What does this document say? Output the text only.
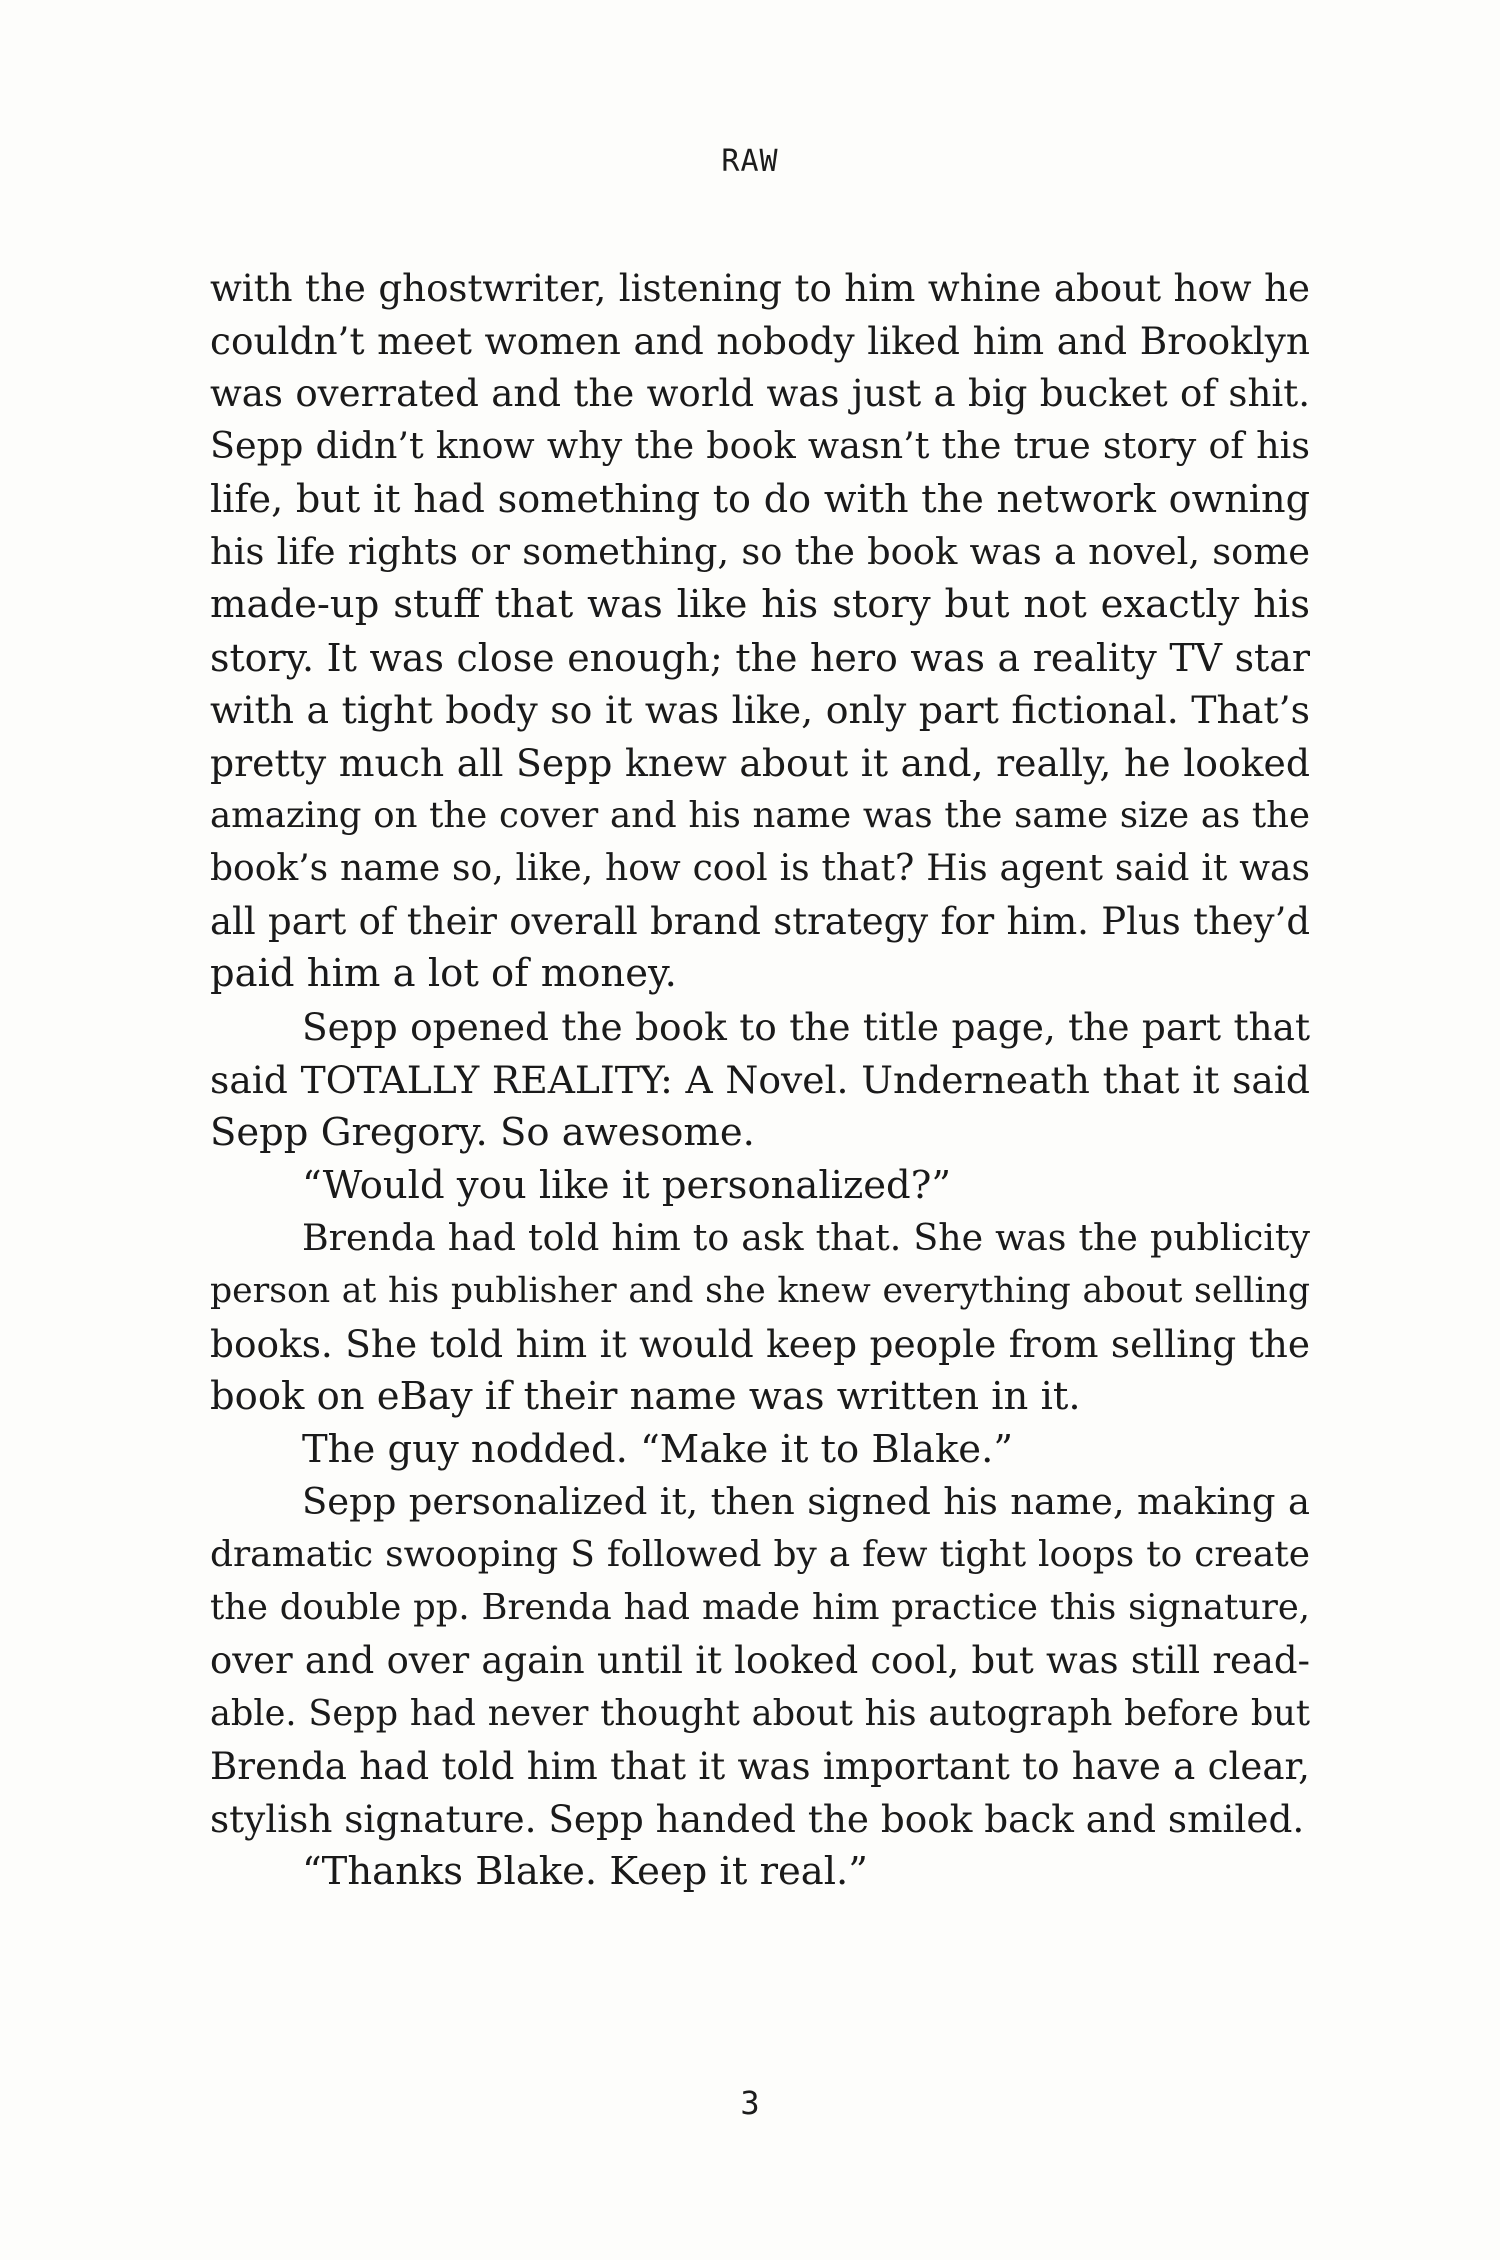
RAW
with the ghostwriter, listening to him whine about how he
couldn’t meet women and nobody liked him and Brooklyn
was overrated and the world was just a big bucket of shit.
Sepp didn’t know why the book wasn’t the true story of his
life, but it had something to do with the network owning
his life rights or something, so the book was a novel, some
made-up stuff that was like his story but not exactly his
story. It was close enough; the hero was a reality TV star
with a tight body so it was like, only part fictional. That’s
pretty much all Sepp knew about it and, really, he looked
amazing on the cover and his name was the same size as the
book’s name so, like, how cool is that? His agent said it was
all part of their overall brand strategy for him. Plus they’d
paid him a lot of money.
Sepp opened the book to the title page, the part that
said TOTALLY REALITY: A Novel. Underneath that it said
Sepp Gregory. So awesome.
“Would you like it personalized?”
Brenda had told him to ask that. She was the publicity
person at his publisher and she knew everything about selling
books. She told him it would keep people from selling the
book on eBay if their name was written in it.
The guy nodded. “Make it to Blake.”
Sepp personalized it, then signed his name, making a
dramatic swooping S followed by a few tight loops to create
the double pp. Brenda had made him practice this signature,
over and over again until it looked cool, but was still read-
able. Sepp had never thought about his autograph before but
Brenda had told him that it was important to have a clear,
stylish signature. Sepp handed the book back and smiled.
“Thanks Blake. Keep it real.”
3
